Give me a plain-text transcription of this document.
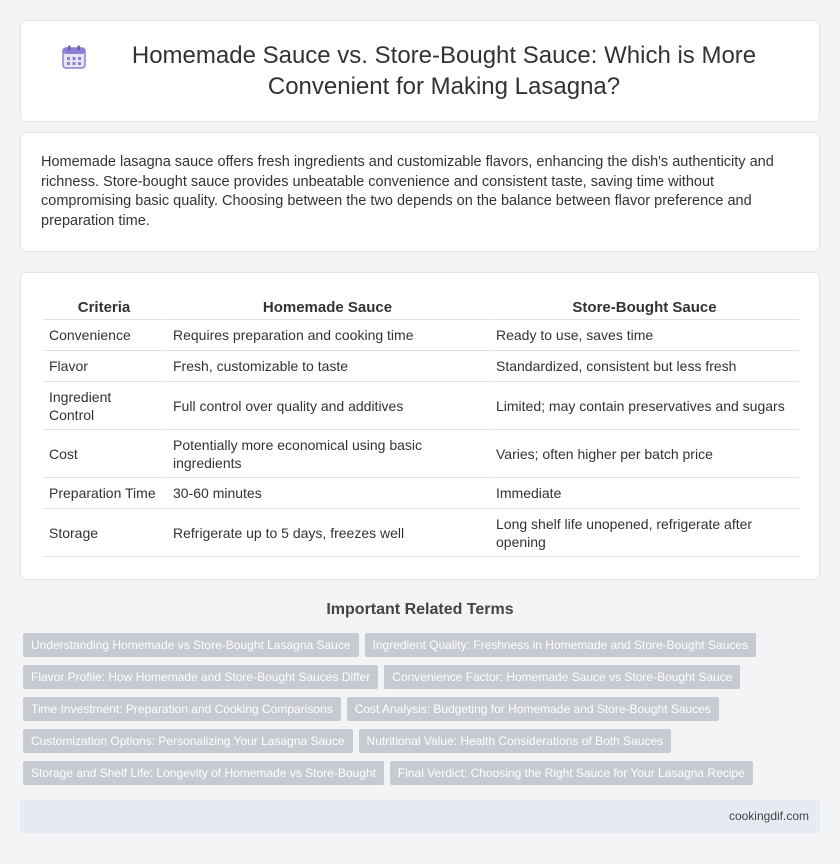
Homemade Sauce vs. Store-Bought Sauce: Which is More Convenient for Making Lasagna?

Homemade lasagna sauce offers fresh ingredients and customizable flavors, enhancing the dish's authenticity and richness. Store-bought sauce provides unbeatable convenience and consistent taste, saving time without compromising basic quality. Choosing between the two depends on the balance between flavor preference and preparation time.

Criteria	Homemade Sauce	Store-Bought Sauce
Convenience	Requires preparation and cooking time	Ready to use, saves time
Flavor	Fresh, customizable to taste	Standardized, consistent but less fresh
Ingredient Control	Full control over quality and additives	Limited; may contain preservatives and sugars
Cost	Potentially more economical using basic ingredients	Varies; often higher per batch price
Preparation Time	30-60 minutes	Immediate
Storage	Refrigerate up to 5 days, freezes well	Long shelf life unopened, refrigerate after opening
Important Related Terms
Understanding Homemade vs Store-Bought Lasagna Sauce	Ingredient Quality: Freshness in Homemade and Store-Bought Sauces
Flavor Profile: How Homemade and Store-Bought Sauces Differ	Convenience Factor: Homemade Sauce vs Store-Bought Sauce
Time Investment: Preparation and Cooking Comparisons	Cost Analysis: Budgeting for Homemade and Store-Bought Sauces
Customization Options: Personalizing Your Lasagna Sauce	Nutritional Value: Health Considerations of Both Sauces
Storage and Shelf Life: Longevity of Homemade vs Store-Bought	Final Verdict: Choosing the Right Sauce for Your Lasagna Recipe
cookingdif.com
